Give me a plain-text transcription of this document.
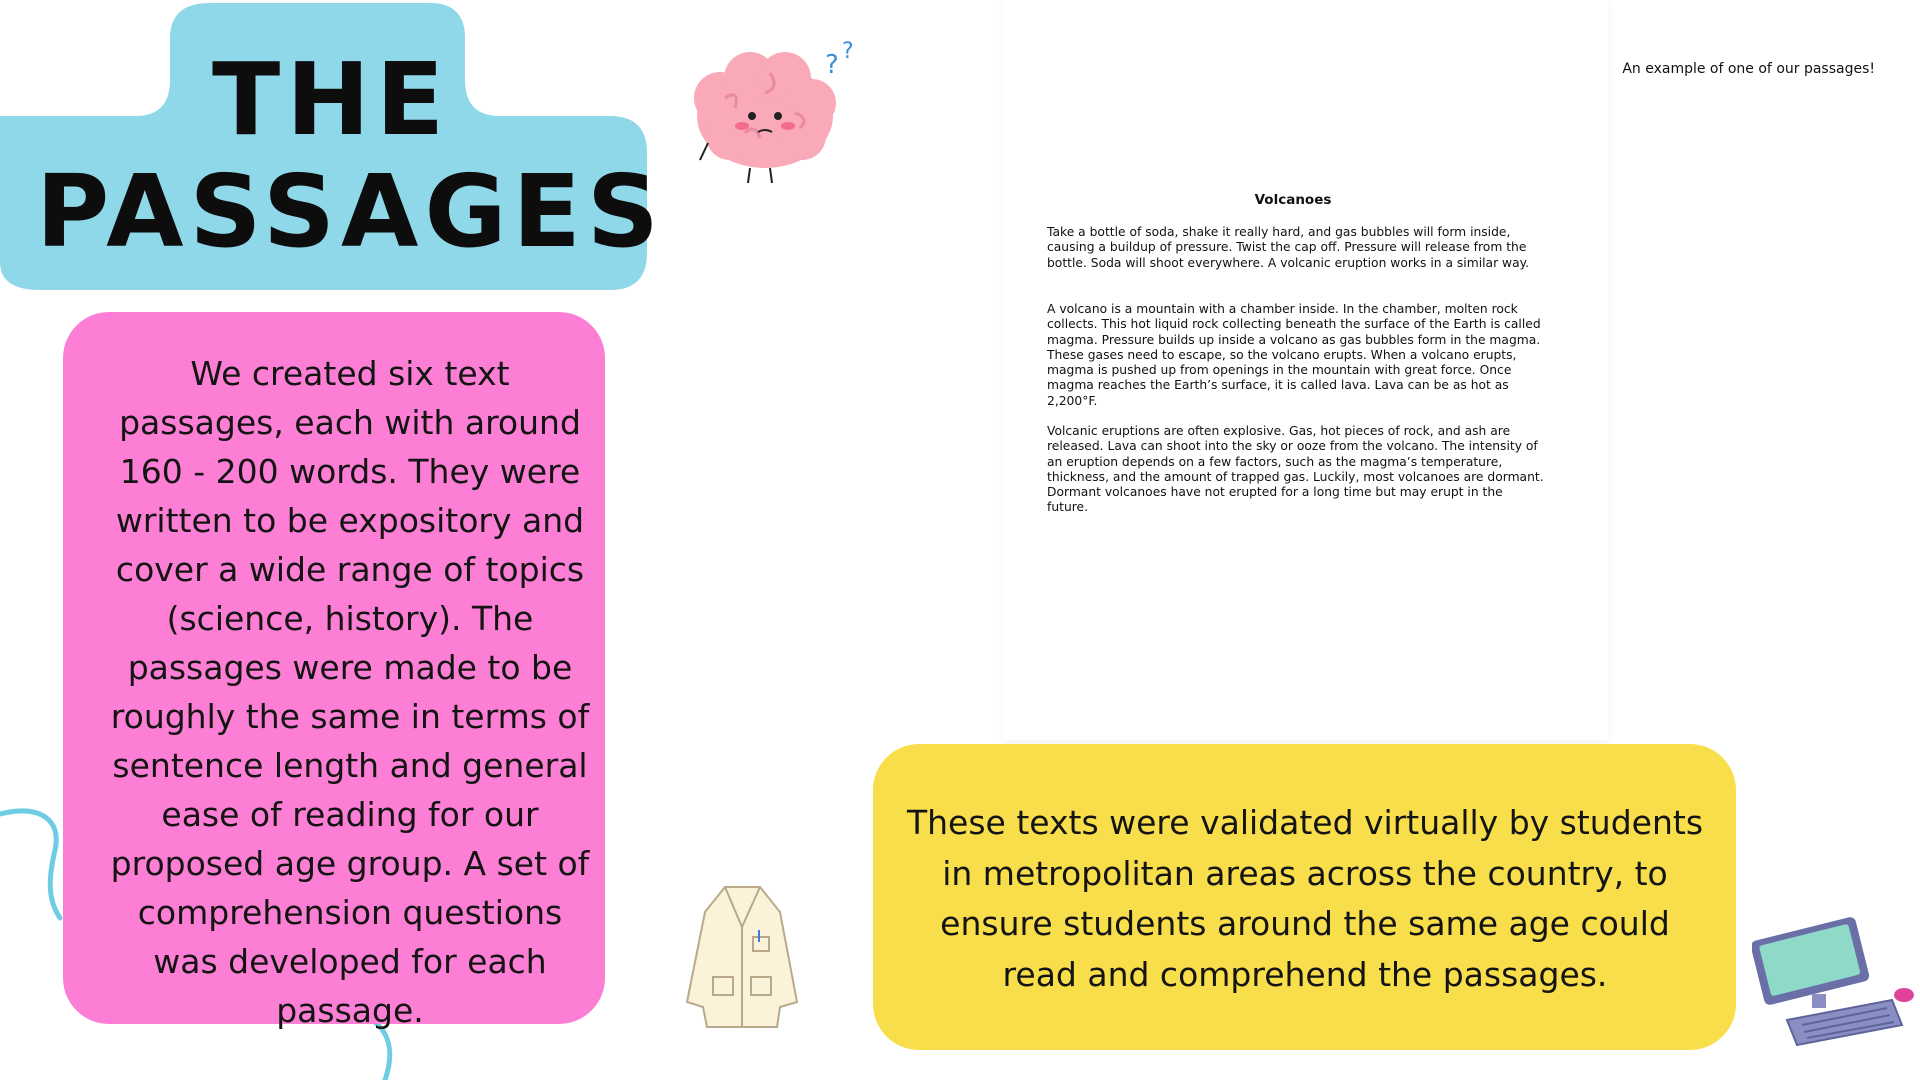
THE
PASSAGES
We created six text passages, each with around 160 - 200 words. They were written to be expository and cover a wide range of topics (science, history). The passages were made to be roughly the same in terms of sentence length and general ease of reading for our proposed age group. A set of comprehension questions was developed for each passage.
? ?
Volcanoes
Take a bottle of soda, shake it really hard, and gas bubbles will form inside, causing a buildup of pressure. Twist the cap off. Pressure will release from the bottle. Soda will shoot everywhere. A volcanic eruption works in a similar way.
A volcano is a mountain with a chamber inside. In the chamber, molten rock collects. This hot liquid rock collecting beneath the surface of the Earth is called magma. Pressure builds up inside a volcano as gas bubbles form in the magma. These gases need to escape, so the volcano erupts. When a volcano erupts, magma is pushed up from openings in the mountain with great force. Once magma reaches the Earth’s surface, it is called lava. Lava can be as hot as 2,200°F.
Volcanic eruptions are often explosive. Gas, hot pieces of rock, and ash are released. Lava can shoot into the sky or ooze from the volcano. The intensity of an eruption depends on a few factors, such as the magma’s temperature, thickness, and the amount of trapped gas. Luckily, most volcanoes are dormant. Dormant volcanoes have not erupted for a long time but may erupt in the future.
An example of one of our passages!
These texts were validated virtually by students in metropolitan areas across the country, to ensure students around the same age could read and comprehend the passages.
